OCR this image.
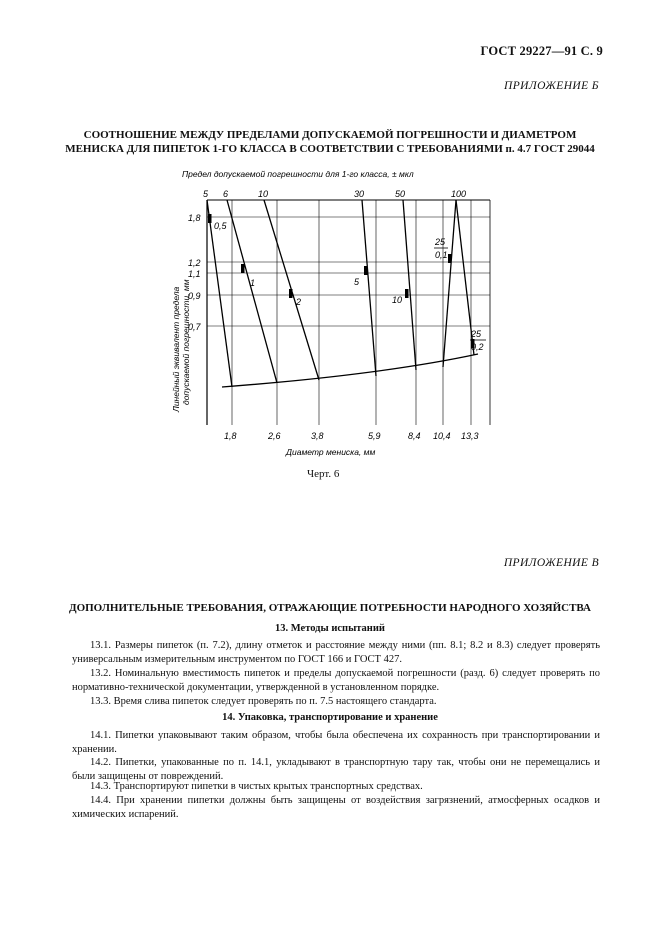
ГОСТ 29227—91 С. 9
ПРИЛОЖЕНИЕ Б
СООТНОШЕНИЕ МЕЖДУ ПРЕДЕЛАМИ ДОПУСКАЕМОЙ ПОГРЕШНОСТИ И ДИАМЕТРОМ
МЕНИСКА ДЛЯ ПИПЕТОК 1-ГО КЛАССА В СООТВЕТСТВИИ С ТРЕБОВАНИЯМИ п. 4.7 ГОСТ 29044
Предел допускаемой погрешности для 1-го класса, ± мкл
5 6	10	30	50	100
1,8
1,2
1,1
0,9
0,7
Линейный эквивалент предела допускаемой погрешности, мм
0,5
1
2
5
10
25
0,1
25
0,2
1,8	2,6	3,8	5,9	8,4 10,4 13,3
Диаметр мениска, мм
Черт. 6
ПРИЛОЖЕНИЕ В
ДОПОЛНИТЕЛЬНЫЕ ТРЕБОВАНИЯ, ОТРАЖАЮЩИЕ ПОТРЕБНОСТИ НАРОДНОГО ХОЗЯЙСТВА
13. Методы испытаний
13.1. Размеры пипеток (п. 7.2), длину отметок и расстояние между ними (пп. 8.1; 8.2 и 8.3) следует проверять универсальным измерительным инструментом по ГОСТ 166 и ГОСТ 427.
13.2. Номинальную вместимость пипеток и пределы допускаемой погрешности (разд. 6) следует проверять по нормативно-технической документации, утвержденной в установленном порядке.
13.3. Время слива пипеток следует проверять по п. 7.5 настоящего стандарта.
14. Упаковка, транспортирование и хранение
14.1. Пипетки упаковывают таким образом, чтобы была обеспечена их сохранность при транспортировании и хранении.
14.2. Пипетки, упакованные по п. 14.1, укладывают в транспортную тару так, чтобы они не перемещались и были защищены от повреждений.
14.3. Транспортируют пипетки в чистых крытых транспортных средствах.
14.4. При хранении пипетки должны быть защищены от воздействия загрязнений, атмосферных осадков и химических испарений.
